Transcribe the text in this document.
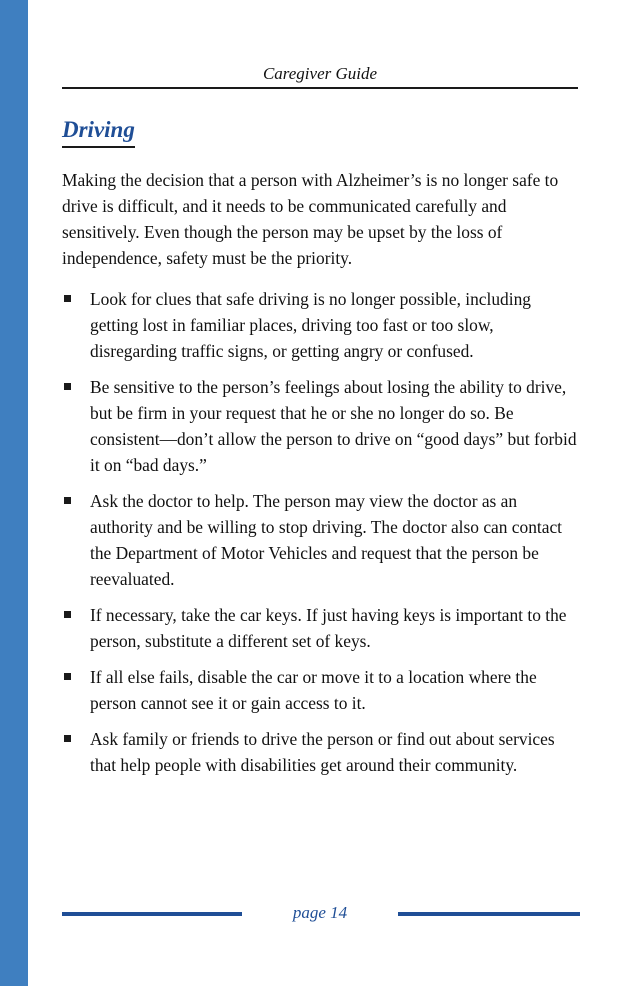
Caregiver Guide
Driving

Making the decision that a person with Alzheimer’s is no longer safe to drive is difficult, and it needs to be communicated carefully and sensitively. Even though the person may be upset by the loss of independence, safety must be the priority.

Look for clues that safe driving is no longer possible, including getting lost in familiar places, driving too fast or too slow, disregarding traffic signs, or getting angry or confused.
Be sensitive to the person’s feelings about losing the ability to drive, but be firm in your request that he or she no longer do so. Be consistent—don’t allow the person to drive on “good days” but forbid it on “bad days.”
Ask the doctor to help. The person may view the doctor as an authority and be willing to stop driving. The doctor also can contact the Department of Motor Vehicles and request that the person be reevaluated.
If necessary, take the car keys. If just having keys is important to the person, substitute a different set of keys.
If all else fails, disable the car or move it to a location where the person cannot see it or gain access to it.
Ask family or friends to drive the person or find out about services that help people with disabilities get around their community.
page 14
